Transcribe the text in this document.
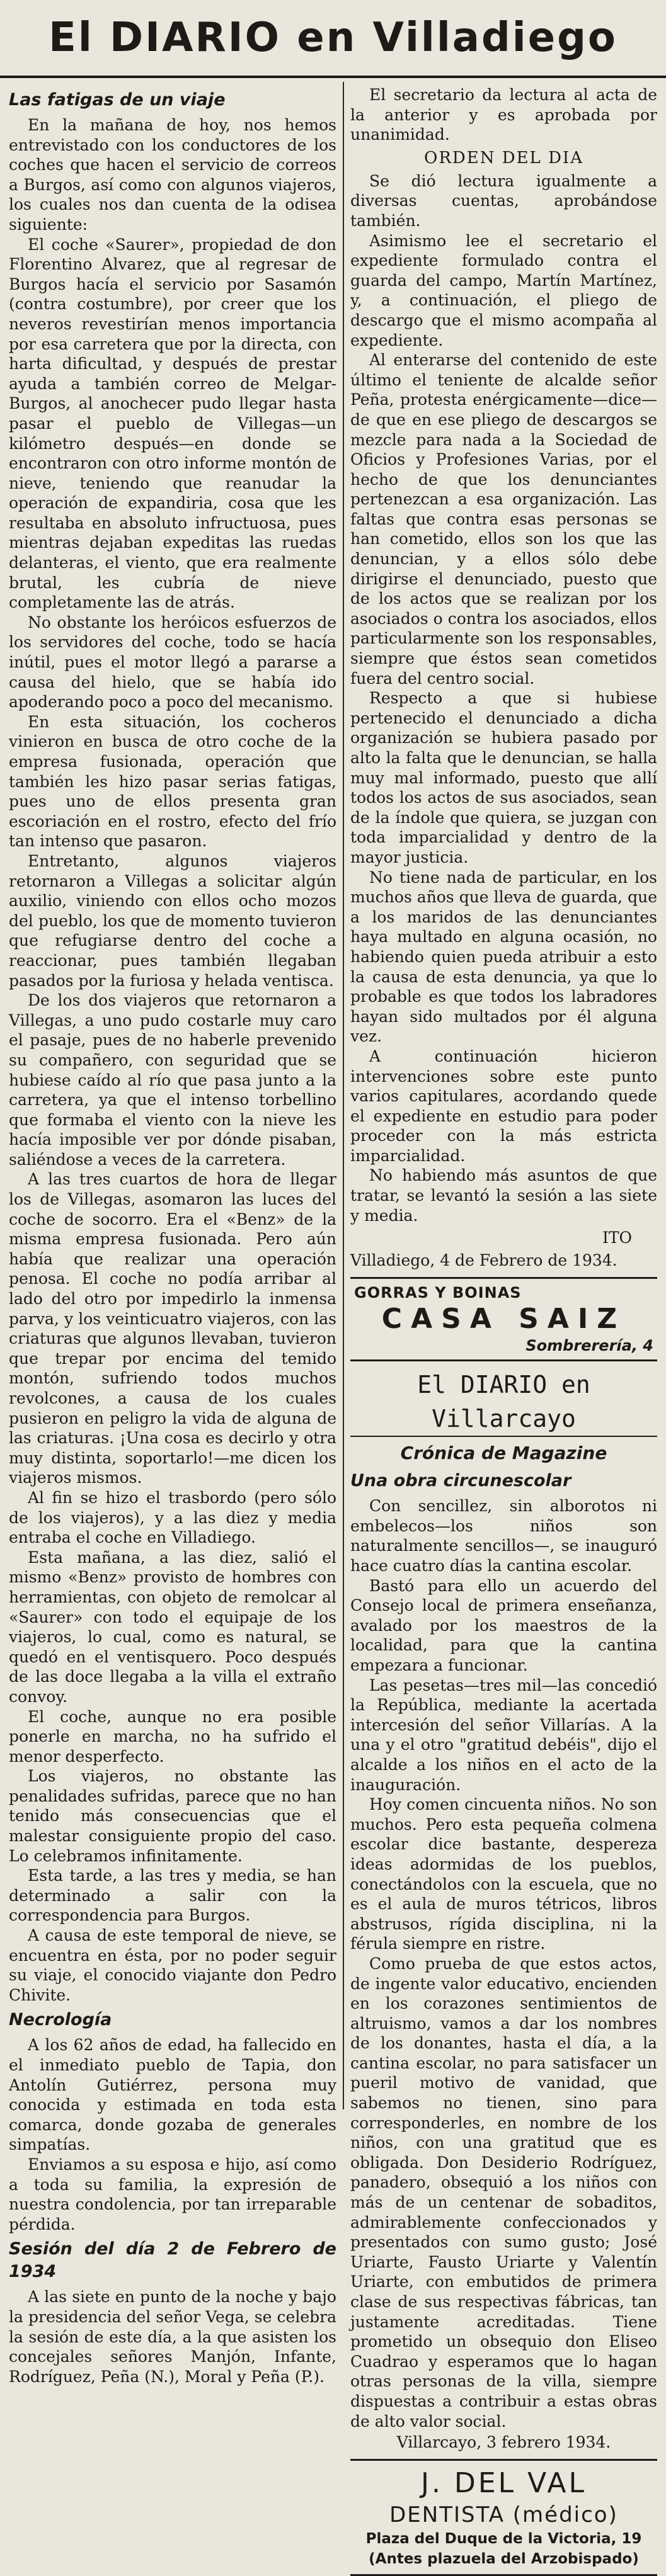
El DIARIO en Villadiego
Las fatigas de un viaje

En la mañana de hoy, nos hemos entrevistado con los conductores de los coches que hacen el servicio de correos a Burgos, así como con algunos viajeros, los cuales nos dan cuenta de la odisea siguiente:

El coche «Saurer», propiedad de don Florentino Alvarez, que al regresar de Burgos hacía el servicio por Sasamón (contra costumbre), por creer que los neveros revestirían menos importancia por esa carretera que por la directa, con harta dificultad, y después de prestar ayuda a también correo de Melgar-Burgos, al anochecer pudo llegar hasta pasar el pueblo de Villegas—un kilómetro después—en donde se encontraron con otro informe montón de nieve, teniendo que reanudar la operación de expandiria, cosa que les resultaba en absoluto infructuosa, pues mientras dejaban expeditas las ruedas delanteras, el viento, que era realmente brutal, les cubría de nieve completamente las de atrás.

No obstante los heróicos esfuerzos de los servidores del coche, todo se hacía inútil, pues el motor llegó a pararse a causa del hielo, que se había ido apoderando poco a poco del mecanismo.

En esta situación, los cocheros vinieron en busca de otro coche de la empresa fusionada, operación que también les hizo pasar serias fatigas, pues uno de ellos presenta gran escoriación en el rostro, efecto del frío tan intenso que pasaron.

Entretanto, algunos viajeros retornaron a Villegas a solicitar algún auxilio, viniendo con ellos ocho mozos del pueblo, los que de momento tuvieron que refugiarse dentro del coche a reaccionar, pues también llegaban pasados por la furiosa y helada ventisca.

De los dos viajeros que retornaron a Villegas, a uno pudo costarle muy caro el pasaje, pues de no haberle prevenido su compañero, con seguridad que se hubiese caído al río que pasa junto a la carretera, ya que el intenso torbellino que formaba el viento con la nieve les hacía imposible ver por dónde pisaban, saliéndose a veces de la carretera.

A las tres cuartos de hora de llegar los de Villegas, asomaron las luces del coche de socorro. Era el «Benz» de la misma empresa fusionada. Pero aún había que realizar una operación penosa. El coche no podía arribar al lado del otro por impedirlo la inmensa parva, y los veinticuatro viajeros, con las criaturas que algunos llevaban, tuvieron que trepar por encima del temido montón, sufriendo todos muchos revolcones, a causa de los cuales pusieron en peligro la vida de alguna de las criaturas. ¡Una cosa es decirlo y otra muy distinta, soportarlo!—me dicen los viajeros mismos.

Al fin se hizo el trasbordo (pero sólo de los viajeros), y a las diez y media entraba el coche en Villadiego.

Esta mañana, a las diez, salió el mismo «Benz» provisto de hombres con herramientas, con objeto de remolcar al «Saurer» con todo el equipaje de los viajeros, lo cual, como es natural, se quedó en el ventisquero. Poco después de las doce llegaba a la villa el extraño convoy.

El coche, aunque no era posible ponerle en marcha, no ha sufrido el menor desperfecto.

Los viajeros, no obstante las penalidades sufridas, parece que no han tenido más consecuencias que el malestar consiguiente propio del caso. Lo celebramos infinitamente.

Esta tarde, a las tres y media, se han determinado a salir con la correspondencia para Burgos.

A causa de este temporal de nieve, se encuentra en ésta, por no poder seguir su viaje, el conocido viajante don Pedro Chivite.

Necrología

A los 62 años de edad, ha fallecido en el inmediato pueblo de Tapia, don Antolín Gutiérrez, persona muy conocida y estimada en toda esta comarca, donde gozaba de generales simpatías.

Enviamos a su esposa e hijo, así como a toda su familia, la expresión de nuestra condolencia, por tan irreparable pérdida.

Sesión del día 2 de Febrero de 1934

A las siete en punto de la noche y bajo la presidencia del señor Vega, se celebra la sesión de este día, a la que asisten los concejales señores Manjón, Infante, Rodríguez, Peña (N.), Moral y Peña (P.).

El secretario da lectura al acta de la anterior y es aprobada por unanimidad.

ORDEN DEL DIA

Se dió lectura igualmente a diversas cuentas, aprobándose también.

Asimismo lee el secretario el expediente formulado contra el guarda del campo, Martín Martínez, y, a continuación, el pliego de descargo que el mismo acompaña al expediente.

Al enterarse del contenido de este último el teniente de alcalde señor Peña, protesta enérgicamente—dice— de que en ese pliego de descargos se mezcle para nada a la Sociedad de Oficios y Profesiones Varias, por el hecho de que los denunciantes pertenezcan a esa organización. Las faltas que contra esas personas se han cometido, ellos son los que las denuncian, y a ellos sólo debe dirigirse el denunciado, puesto que de los actos que se realizan por los asociados o contra los asociados, ellos particularmente son los responsables, siempre que éstos sean cometidos fuera del centro social.

Respecto a que si hubiese pertenecido el denunciado a dicha organización se hubiera pasado por alto la falta que le denuncian, se halla muy mal informado, puesto que allí todos los actos de sus asociados, sean de la índole que quiera, se juzgan con toda imparcialidad y dentro de la mayor justicia.

No tiene nada de particular, en los muchos años que lleva de guarda, que a los maridos de las denunciantes haya multado en alguna ocasión, no habiendo quien pueda atribuir a esto la causa de esta denuncia, ya que lo probable es que todos los labradores hayan sido multados por él alguna vez.

A continuación hicieron intervenciones sobre este punto varios capitulares, acordando quede el expediente en estudio para poder proceder con la más estricta imparcialidad.

No habiendo más asuntos de que tratar, se levantó la sesión a las siete y media.

ITO
Villadiego, 4 de Febrero de 1934.
GORRAS Y BOINAS
CASA SAIZ
Sombrerería, 4
El DIARIO en Villarcayo
Crónica de Magazine
Una obra circunescolar

Con sencillez, sin alborotos ni embelecos—los niños son naturalmente sencillos—, se inauguró hace cuatro días la cantina escolar.

Bastó para ello un acuerdo del Consejo local de primera enseñanza, avalado por los maestros de la localidad, para que la cantina empezara a funcionar.

Las pesetas—tres mil—las concedió la República, mediante la acertada intercesión del señor Villarías. A la una y el otro "gratitud debéis", dijo el alcalde a los niños en el acto de la inauguración.

Hoy comen cincuenta niños. No son muchos. Pero esta pequeña colmena escolar dice bastante, despereza ideas adormidas de los pueblos, conectándolos con la escuela, que no es el aula de muros tétricos, libros abstrusos, rígida disciplina, ni la férula siempre en ristre.

Como prueba de que estos actos, de ingente valor educativo, encienden en los corazones sentimientos de altruismo, vamos a dar los nombres de los donantes, hasta el día, a la cantina escolar, no para satisfacer un pueril motivo de vanidad, que sabemos no tienen, sino para corresponderles, en nombre de los niños, con una gratitud que es obligada. Don Desiderio Rodríguez, panadero, obsequió a los niños con más de un centenar de sobaditos, admirablemente confeccionados y presentados con sumo gusto; José Uriarte, Fausto Uriarte y Valentín Uriarte, con embutidos de primera clase de sus respectivas fábricas, tan justamente acreditadas. Tiene prometido un obsequio don Eliseo Cuadrao y esperamos que lo hagan otras personas de la villa, siempre dispuestas a contribuir a estas obras de alto valor social.

Villarcayo, 3 febrero 1934.
J. DEL VAL
DENTISTA (médico)
Plaza del Duque de la Victoria, 19
(Antes plazuela del Arzobispado)
